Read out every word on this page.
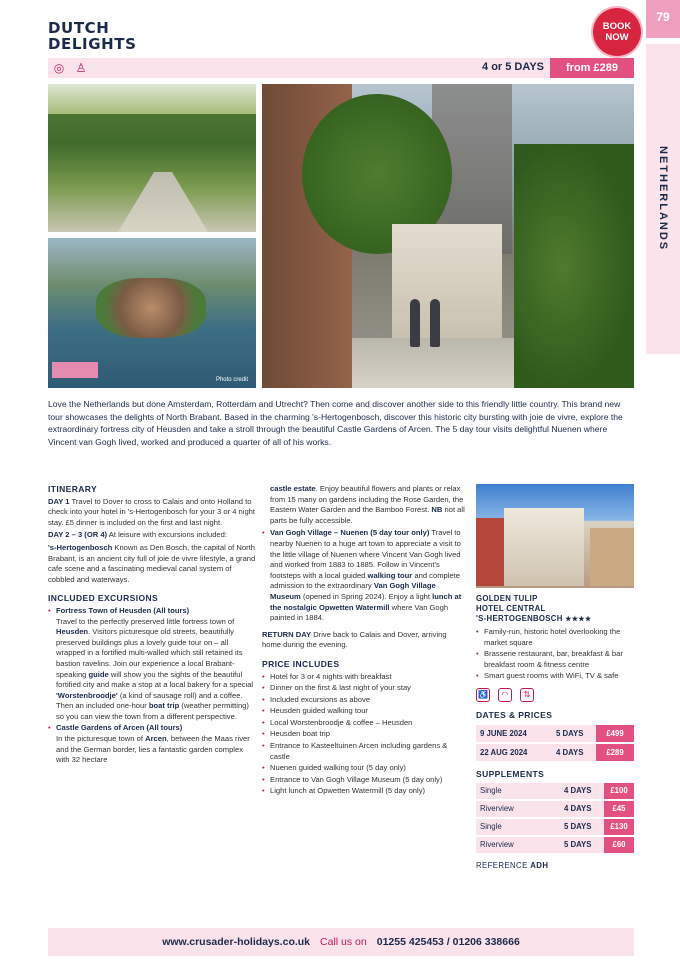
DUTCH
DELIGHTS
BOOK
NOW
79
NETHERLANDS
◎ ♙	4 or 5 DAYS	from £289
Photo credit
Love the Netherlands but done Amsterdam, Rotterdam and Utrecht? Then come and discover another side to this friendly little country. This brand new tour showcases the delights of North Brabant. Based in the charming 's-Hertogenbosch, discover this historic city bursting with joie de vivre, explore the extraordinary fortress city of Heusden and take a stroll through the beautiful Castle Gardens of Arcen. The 5 day tour visits delightful Nuenen where Vincent van Gogh lived, worked and produced a quarter of all of his works.
ITINERARY
DAY 1 Travel to Dover to cross to Calais and onto Holland to check into your hotel in 's-Hertogenbosch for your 3 or 4 night stay. £5 dinner is included on the first and last night.
DAY 2 – 3 (OR 4) At leisure with excursions included:
's-Hertogenbosch Known as Den Bosch, the capital of North Brabant, is an ancient city full of joie de vivre lifestyle, a grand cafe scene and a fascinating medieval canal system of cobbled and waterways.
INCLUDED EXCURSIONS
• Fortress Town of Heusden (All tours)
Travel to the perfectly preserved little fortress town of Heusden. Visitors picturesque old streets, beautifully preserved buildings plus a lovely guide tour on – all wrapped in a fortified multi-walled which still retained its bastion ravelins. Join our experience a local Brabant-speaking guide will show you the sights of the beautiful fortified city and make a stop at a local bakery for a special 'Worstenbroodje' (a kind of sausage roll) and a coffee. Then an included one-hour boat trip (weather permitting) so you can view the town from a different perspective.
• Castle Gardens of Arcen (All tours)
In the picturesque town of Arcen, between the Maas river and the German border, lies a fantastic garden complex with 32 hectare
castle estate. Enjoy beautiful flowers and plants or relax from 15 many on gardens including the Rose Garden, the Eastern Water Garden and the Bamboo Forest. NB not all parts be fully accessible.
• Van Gogh Village – Nuenen (5 day tour only) Travel to nearby Nuenen to a huge art town to appreciate a visit to the little village of Nuenen where Vincent Van Gogh lived and worked from 1883 to 1885. Follow in Vincent's footsteps with a local guided walking tour and complete admission to the extraordinary Van Gogh Village Museum (opened in Spring 2024). Enjoy a light lunch at the nostalgic Opwetten Watermill where Van Gogh painted in 1884.
RETURN DAY Drive back to Calais and Dover, arriving home during the evening.
PRICE INCLUDES
• Hotel for 3 or 4 nights with breakfast
• Dinner on the first & last night of your stay
• Included excursions as above
• Heusden guided walking tour
• Local Worstenbroodje & coffee – Heusden
• Heusden boat trip
• Entrance to Kasteeltuinen Arcen including gardens & castle
• Nuenen guided walking tour (5 day only)
• Entrance to Van Gogh Village Museum (5 day only)
• Light lunch at Opwetten Watermill (5 day only)
GOLDEN TULIP
HOTEL CENTRAL
'S-HERTOGENBOSCH ★★★★
• Family-run, historic hotel overlooking the market square
• Brasserie restaurant, bar, breakfast & bar breakfast room & fitness centre
• Smart guest rooms with WiFi, TV & safe
♿	◠	⇅
DATES & PRICES
9 JUNE 2024	5 DAYS	£499
22 AUG 2024	4 DAYS	£289
SUPPLEMENTS
Single	4 DAYS	£100
Riverview	4 DAYS	£45
Single	5 DAYS	£130
Riverview	5 DAYS	£60
REFERENCE ADH
www.crusader-holidays.co.uk Call us on 01255 425453 / 01206 338666
